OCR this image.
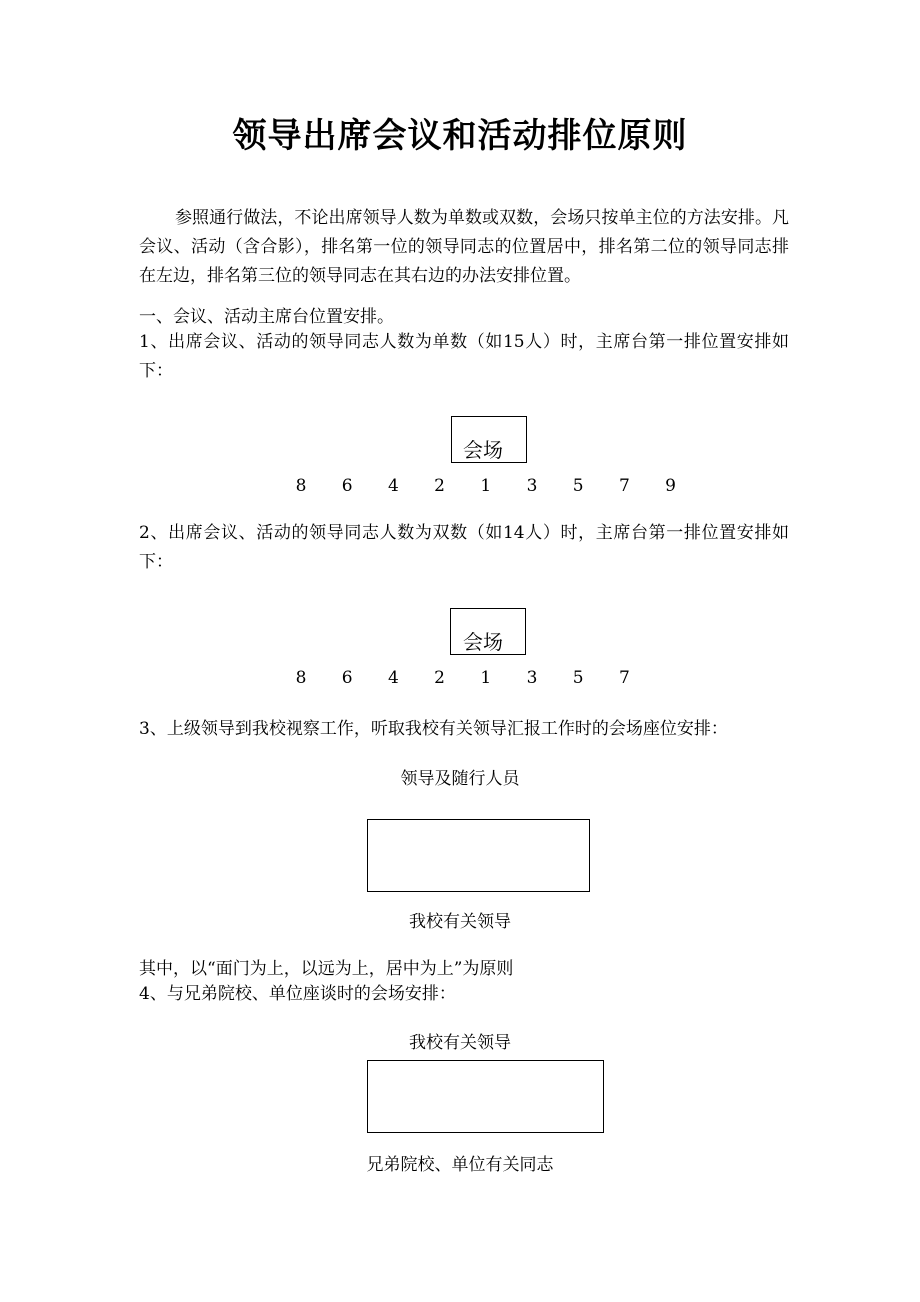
领导出席会议和活动排位原则
参照通行做法，不论出席领导人数为单数或双数，会场只按单主位的方法安排。凡会议、活动（含合影），排名第一位的领导同志的位置居中，排名第二位的领导同志排在左边，排名第三位的领导同志在其右边的办法安排位置。
一、会议、活动主席台位置安排。
1、出席会议、活动的领导同志人数为单数（如15人）时，主席台第一排位置安排如下：
会场
8 6 4 2 1 3 5 7 9
2、出席会议、活动的领导同志人数为双数（如14人）时，主席台第一排位置安排如下：
会场
8 6 4 2 1 3 5 7
3、上级领导到我校视察工作，听取我校有关领导汇报工作时的会场座位安排：
领导及随行人员
我校有关领导
其中，以“面门为上，以远为上，居中为上”为原则
4、与兄弟院校、单位座谈时的会场安排：
我校有关领导
兄弟院校、单位有关同志
